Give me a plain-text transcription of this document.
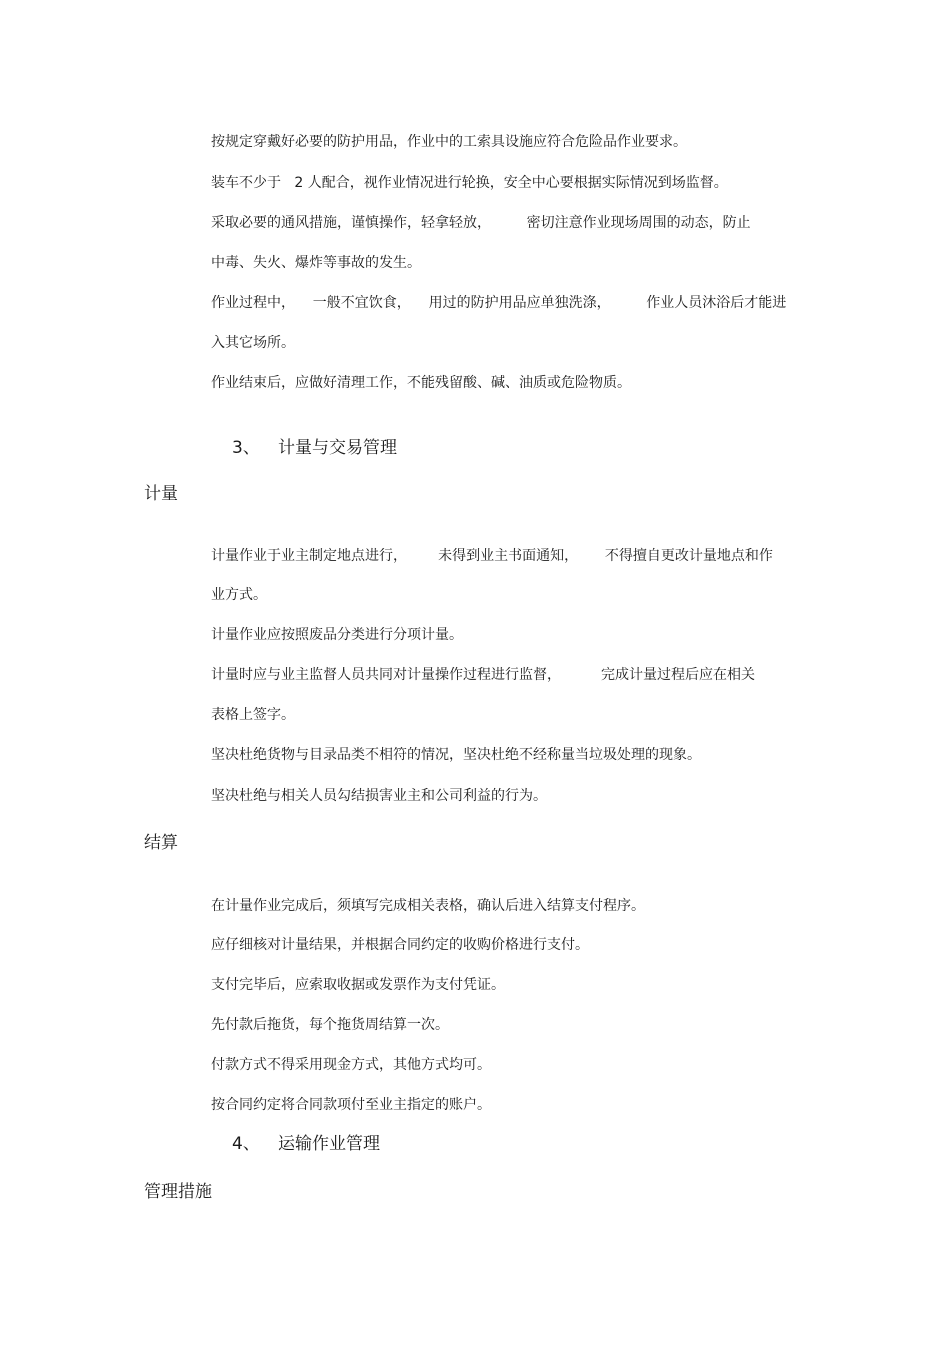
按规定穿戴好必要的防护用品，作业中的工索具设施应符合危险品作业要求。

装车不少于   2 人配合，视作业情况进行轮换，安全中心要根据实际情况到场监督。

采取必要的通风措施，谨慎操作，轻拿轻放，        密切注意作业现场周围的动态，防止

中毒、失火、爆炸等事故的发生。

作业过程中，    一般不宜饮食，    用过的防护用品应单独洗涤，        作业人员沐浴后才能进

入其它场所。

作业结束后，应做好清理工作，不能残留酸、碱、油质或危险物质。

3、 计量与交易管理
计量

计量作业于业主制定地点进行，       未得到业主书面通知，      不得擅自更改计量地点和作

业方式。

计量作业应按照废品分类进行分项计量。

计量时应与业主监督人员共同对计量操作过程进行监督，         完成计量过程后应在相关

表格上签字。

坚决杜绝货物与目录品类不相符的情况，坚决杜绝不经称量当垃圾处理的现象。

坚决杜绝与相关人员勾结损害业主和公司利益的行为。

结算

在计量作业完成后，须填写完成相关表格，确认后进入结算支付程序。

应仔细核对计量结果，并根据合同约定的收购价格进行支付。

支付完毕后，应索取收据或发票作为支付凭证。

先付款后拖货，每个拖货周结算一次。

付款方式不得采用现金方式，其他方式均可。

按合同约定将合同款项付至业主指定的账户。

4、 运输作业管理
管理措施
